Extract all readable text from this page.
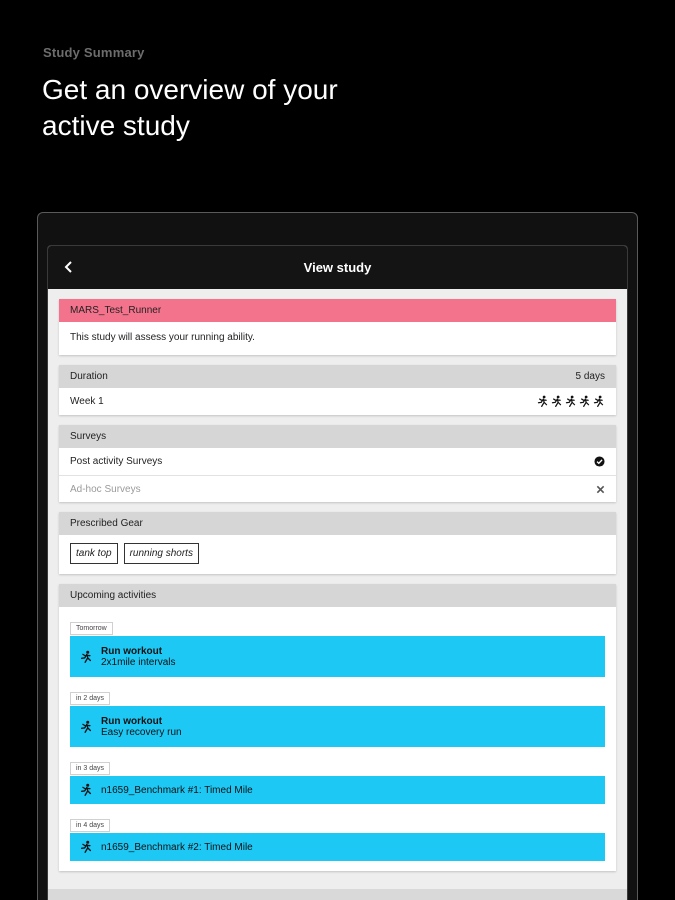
Study Summary
Get an overview of your active study
View study
MARS_Test_Runner
This study will assess your running ability.
Duration	5 days
Week 1
Surveys
Post activity Surveys
Ad-hoc Surveys
Prescribed Gear
tank top	running shorts
Upcoming activities
Tomorrow
Run workout
2x1mile intervals
in 2 days
Run workout
Easy recovery run
in 3 days
n1659_Benchmark #1: Timed Mile
in 4 days
n1659_Benchmark #2: Timed Mile
